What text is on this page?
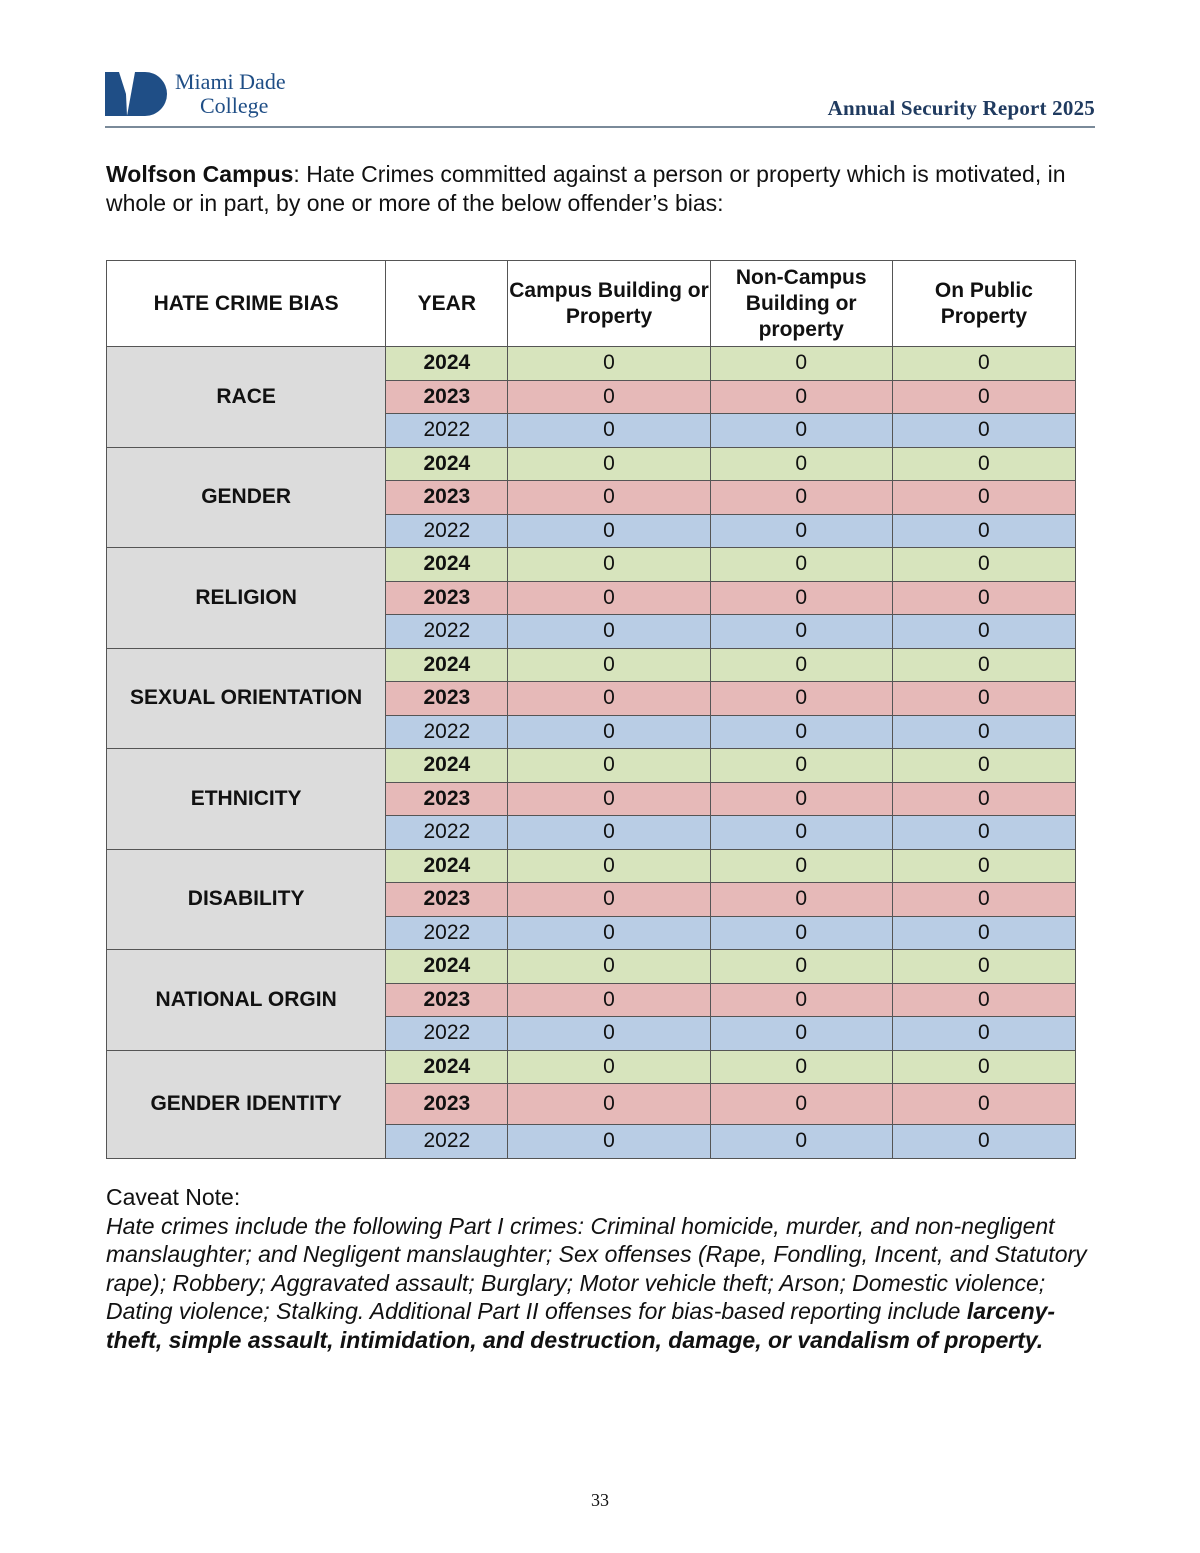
Miami Dade
College	Annual Security Report 2025
Wolfson Campus: Hate Crimes committed against a person or property which is motivated, in whole or in part, by one or more of the below offender’s bias:
HATE CRIME BIAS	YEAR	Campus Building or Property	Non-Campus Building or property	On Public Property
RACE	2024	0	0	0
	2023	0	0	0
	2022	0	0	0
GENDER	2024	0	0	0
	2023	0	0	0
	2022	0	0	0
RELIGION	2024	0	0	0
	2023	0	0	0
	2022	0	0	0
SEXUAL ORIENTATION	2024	0	0	0
	2023	0	0	0
	2022	0	0	0
ETHNICITY	2024	0	0	0
	2023	0	0	0
	2022	0	0	0
DISABILITY	2024	0	0	0
	2023	0	0	0
	2022	0	0	0
NATIONAL ORGIN	2024	0	0	0
	2023	0	0	0
	2022	0	0	0
GENDER IDENTITY	2024	0	0	0
	2023	0	0	0
	2022	0	0	0
Caveat Note:
Hate crimes include the following Part I crimes: Criminal homicide, murder, and non-negligent manslaughter; and Negligent manslaughter; Sex offenses (Rape, Fondling, Incent, and Statutory rape); Robbery; Aggravated assault; Burglary; Motor vehicle theft; Arson; Domestic violence; Dating violence; Stalking. Additional Part II offenses for bias-based reporting include larceny-theft, simple assault, intimidation, and destruction, damage, or vandalism of property.
33
